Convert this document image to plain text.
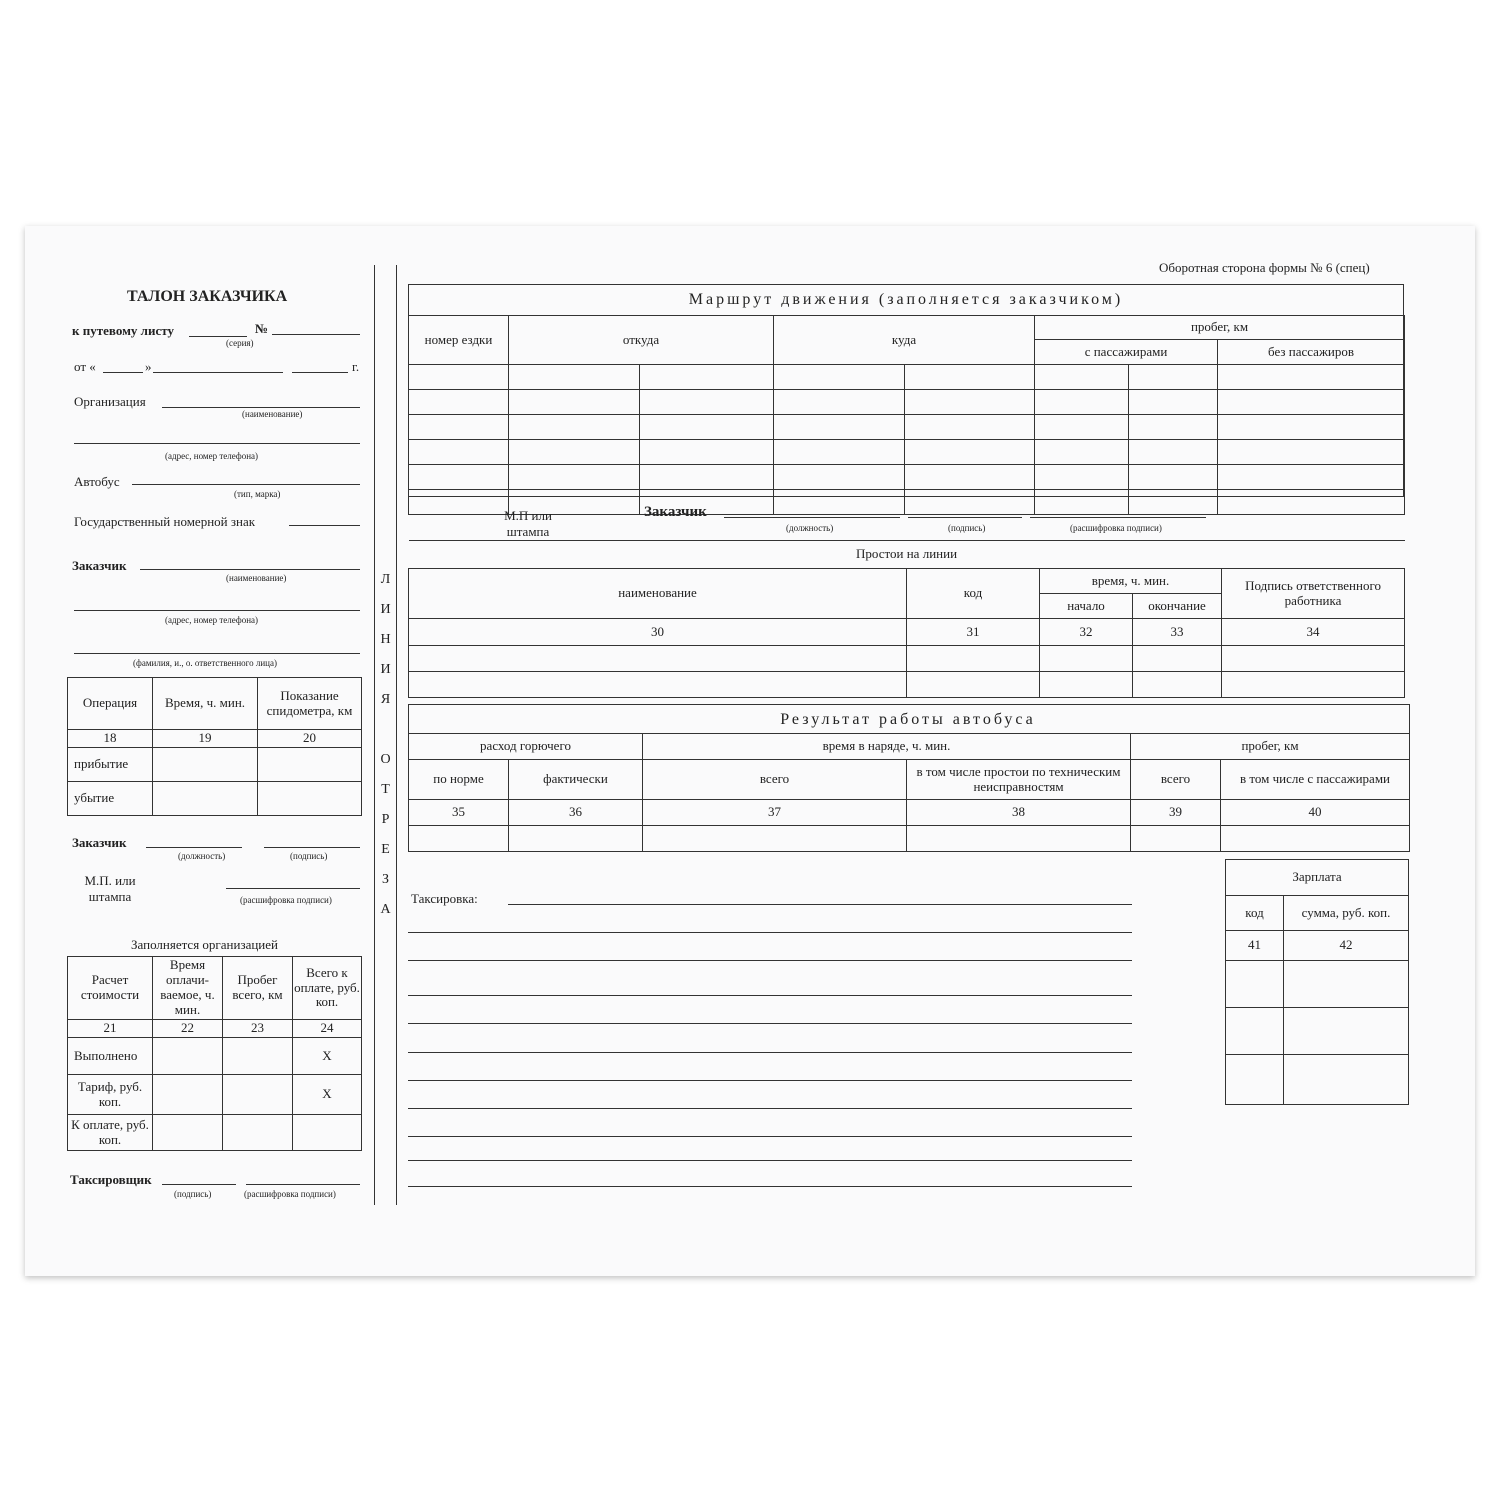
ТАЛОН ЗАКАЗЧИКА
к путевому листу	№
(серия)
от «	»	г.
Организация
(наименование)
(адрес, номер телефона)
Автобус
(тип, марка)
Государственный номерной знак
Заказчик
(наименование)
(адрес, номер телефона)
(фамилия, и., о. ответственного лица)
Операция	Время, ч. мин.	Показание спидометра, км
18	19	20
прибытие		
убытие		
Заказчик
(должность)	(подпись)
М.П. или штампа	(расшифровка подписи)
Заполняется организацией
Расчет стоимости	Время оплачи-ваемое, ч. мин.	Пробег всего, км	Всего к оплате, руб. коп.
21	22	23	24
Выполнено			X
Тариф, руб. коп.			X
К оплате, руб. коп.			
Таксировщик
(подпись)	(расшифровка подписи)
Л
И
Н
И
Я
О
Т
Р
Е
З
А
Оборотная сторона формы № 6 (спец)
Маршрут движения (заполняется заказчиком)
номер ездки	откуда		куда		пробег, км		
					с пассажирами		без пассажиров

М.П или штампа
Заказчик
(должность)	(подпись)	(расшифровка подписи)
Простои на линии				
наименование	код	время, ч. мин.		Подпись ответственного работника
		начало	окончание	
30	31	32	33	34

Результат работы автобуса
расход горючего		время в наряде, ч. мин.		пробег, км	
по норме	фактически	всего	в том числе простои по техническим неисправностям	всего	в том числе с пассажирами
35	36	37	38	39	40

Таксировка:
Зарплата	
код	сумма, руб. коп.
41	42
